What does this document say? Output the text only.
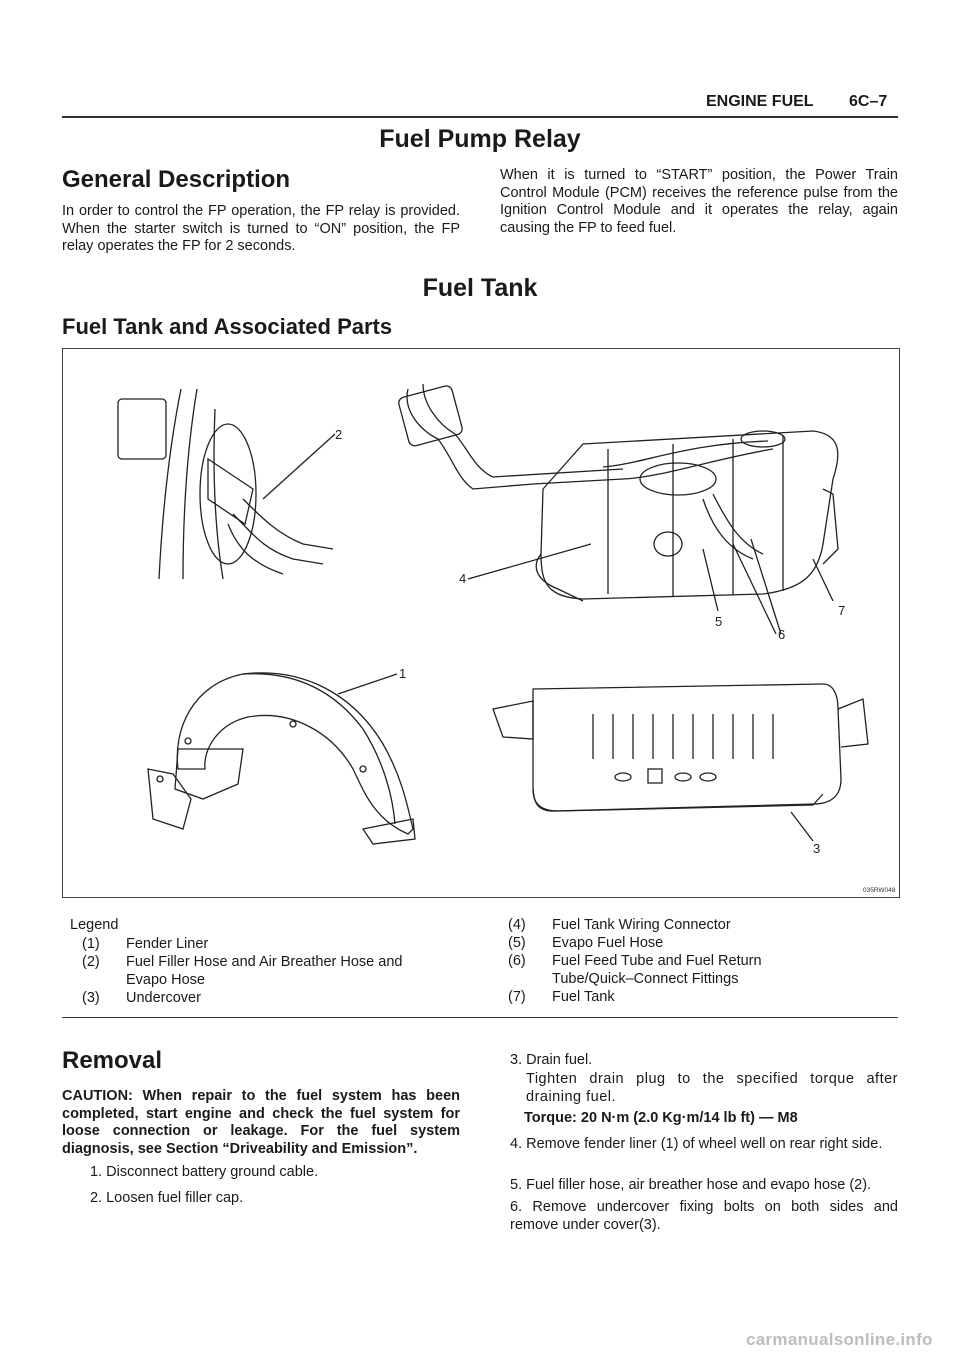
ENGINE FUEL 6C–7
Fuel Pump Relay
General Description
In order to control the FP operation, the FP relay is provided. When the starter switch is turned to “ON” position, the FP relay operates the FP for 2 seconds.
When it is turned to “START” position, the Power Train Control Module (PCM) receives the reference pulse from the Ignition Control Module and it operates the relay, again causing the FP to feed fuel.
Fuel Tank
Fuel Tank and Associated Parts
2
4
5
6
7
1
3
035RW048
Legend
(1)	Fender Liner
(2)	Fuel Filler Hose and Air Breather Hose and Evapo Hose
(3)	Undercover
(4)	Fuel Tank Wiring Connector
(5)	Evapo Fuel Hose
(6)	Fuel Feed Tube and Fuel Return Tube/Quick–Connect Fittings
(7)	Fuel Tank
Removal
CAUTION: When repair to the fuel system has been completed, start engine and check the fuel system for loose connection or leakage. For the fuel system diagnosis, see Section “Driveability and Emission”.
1. Disconnect battery ground cable.
2. Loosen fuel filler cap.
3. Drain fuel.
Tighten drain plug to the specified torque after draining fuel.
Torque: 20 N·m (2.0 Kg·m/14 lb ft) — M8
4. Remove fender liner (1) of wheel well on rear right side.
5. Fuel filler hose, air breather hose and evapo hose (2).
6. Remove undercover fixing bolts on both sides and remove under cover(3).
carmanualsonline.info
